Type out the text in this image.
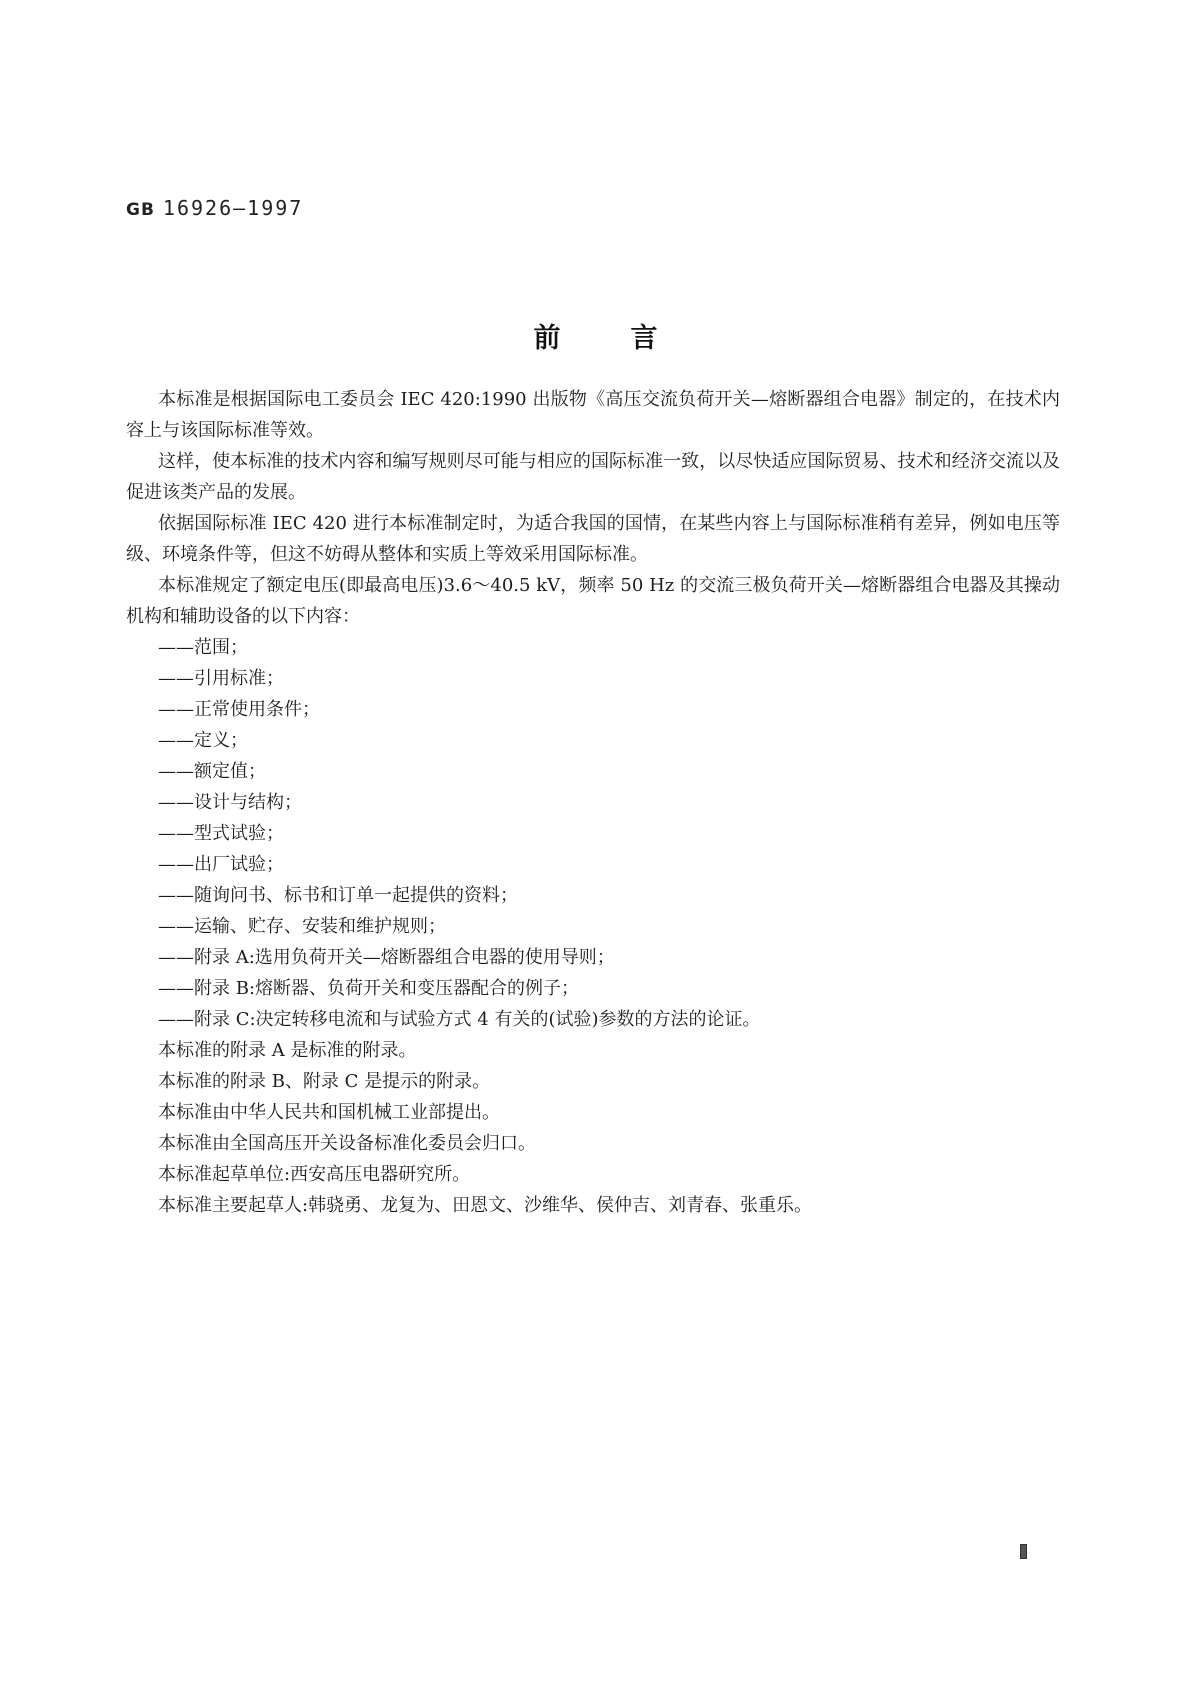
GB 16926—1997
前言

本标准是根据国际电工委员会 IEC 420:1990 出版物《高压交流负荷开关—熔断器组合电器》制定的，在技术内容上与该国际标准等效。

这样，使本标准的技术内容和编写规则尽可能与相应的国际标准一致，以尽快适应国际贸易、技术和经济交流以及促进该类产品的发展。

依据国际标准 IEC 420 进行本标准制定时，为适合我国的国情，在某些内容上与国际标准稍有差异，例如电压等级、环境条件等，但这不妨碍从整体和实质上等效采用国际标准。

本标准规定了额定电压(即最高电压)3.6～40.5 kV，频率 50 Hz 的交流三极负荷开关—熔断器组合电器及其操动机构和辅助设备的以下内容：

——范围；
——引用标准；
——正常使用条件；
——定义；
——额定值；
——设计与结构；
——型式试验；
——出厂试验；
——随询问书、标书和订单一起提供的资料；
——运输、贮存、安装和维护规则；
——附录 A:选用负荷开关—熔断器组合电器的使用导则；
——附录 B:熔断器、负荷开关和变压器配合的例子；
——附录 C:决定转移电流和与试验方式 4 有关的(试验)参数的方法的论证。

本标准的附录 A 是标准的附录。

本标准的附录 B、附录 C 是提示的附录。

本标准由中华人民共和国机械工业部提出。

本标准由全国高压开关设备标准化委员会归口。

本标准起草单位:西安高压电器研究所。

本标准主要起草人:韩骁勇、龙复为、田恩文、沙维华、侯仲吉、刘青春、张重乐。
